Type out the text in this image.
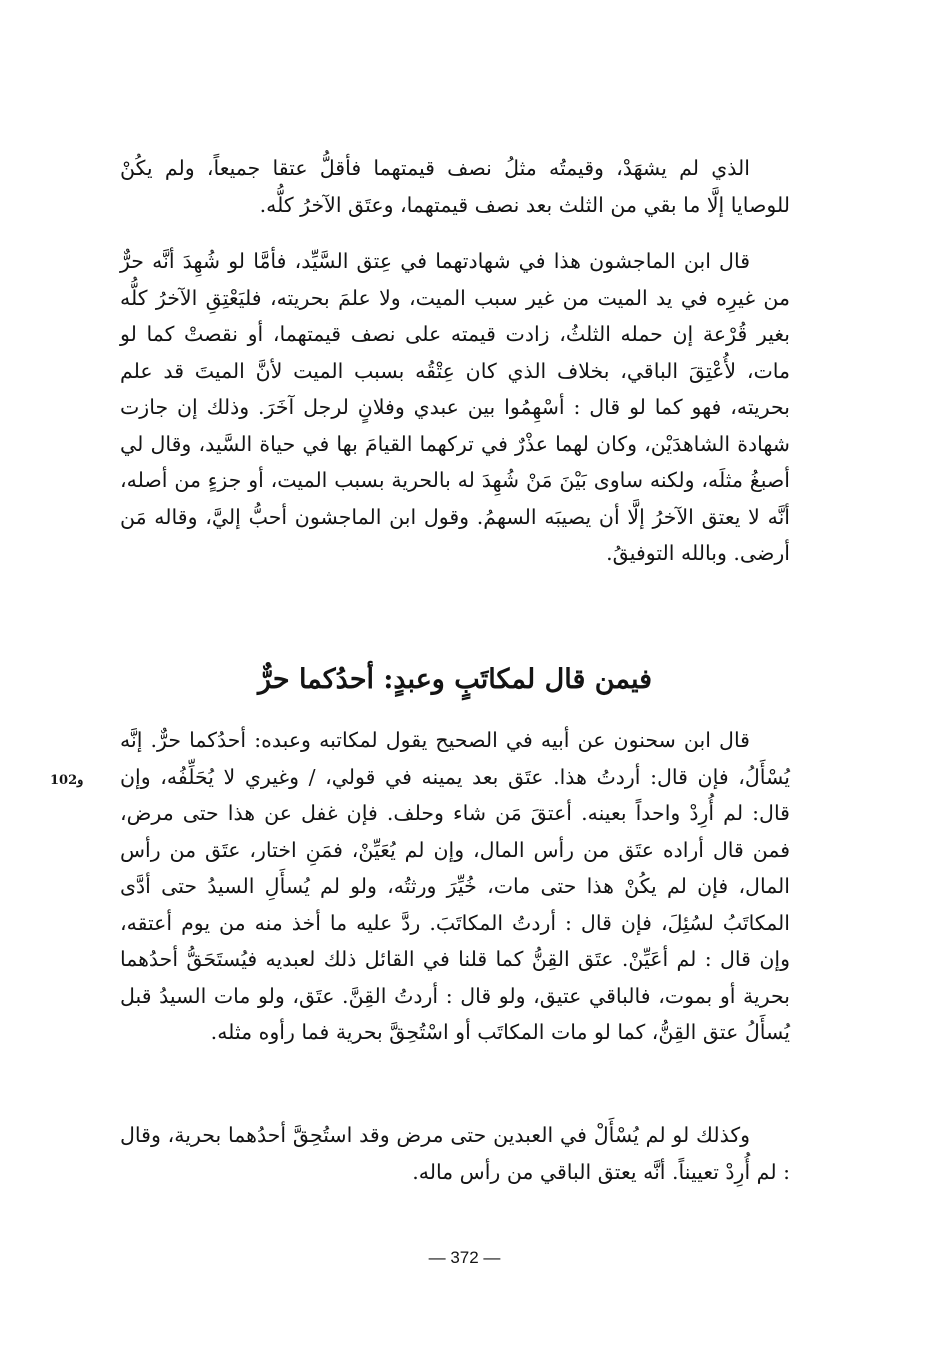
الذي لم يشهَدْ، وقيمتُه مثلُ نصف قيمتهما فأقلُّ عتقا جميعاً، ولم يكُنْ للوصايا إلَّا ما بقي من الثلث بعد نصف قيمتهما، وعتَق الآخرُ كلُّه.

قال ابن الماجشون هذا في شهادتهما في عِتق السَّيِّد، فأمَّا لو شُهِدَ أنَّه حرٌّ من غيرِه في يد الميت من غير سبب الميت، ولا علمَ بحريته، فليَعْتِقِ الآخرُ كلُّه بغير قُرْعة إن حمله الثلثُ، زادت قيمته على نصف قيمتهما، أو نقصتْ كما لو مات، لأُعْتِقَ الباقي، بخلاف الذي كان عِتْقُه بسبب الميت لأنَّ الميتَ قد علم بحريته، فهو كما لو قال : أسْهِمُوا بين عبدي وفلانٍ لرجل آخَرَ. وذلك إن جازت شهادة الشاهدَيْن، وكان لهما عذْرٌ في تركهما القيامَ بها في حياة السَّيد، وقال لي أصبغُ مثلَه، ولكنه ساوى بَيْنَ مَنْ شُهِدَ له بالحرية بسبب الميت، أو جزءٍ من أصله، أنَّه لا يعتق الآخرُ إلَّا أن يصيبَه السهمُ. وقول ابن الماجشون أحبُّ إليَّ، وقاله مَن أرضى. وبالله التوفيقُ.

فيمن قال لمكاتَبٍ وعبدٍ: أحدُكما حرٌّ
و102

قال ابن سحنون عن أبيه في الصحيح يقول لمكاتبه وعبده: أحدُكما حرٌّ. إنَّه يُسْأَلُ، فإن قال: أردتُ هذا. عتَق بعد يمينه في قولي، / وغيري لا يُحَلِّفُه، وإن قال: لم أُرِدْ واحداً بعينه. أعتقَ مَن شاء وحلف. فإن غفل عن هذا حتى مرض، فمن قال أراده عتَق من رأس المال، وإن لم يُعَيِّنْ، فمَنِ اختار، عتَق من رأس المال، فإن لم يكُنْ هذا حتى مات، خُيِّرَ ورثتُه، ولو لم يُسأَلِ السيدُ حتى أدَّى المكاتَبُ لسُئِلَ، فإن قال : أردتُ المكاتَبَ. ردَّ عليه ما أخذ منه من يوم أعتقه، وإن قال : لم أعَيِّنْ. عتَق القِنُّ كما قلنا في القائل ذلك لعبديه فيُستَحَقُّ أحدُهما بحرية أو بموت، فالباقي عتيق، ولو قال : أردتُ القِنَّ. عتَق، ولو مات السيدُ قبل يُسأَلُ عتق القِنُّ، كما لو مات المكاتَب أو اسْتُحِقَّ بحرية فما رأوه مثله.

وكذلك لو لم يُسْأَلْ في العبدين حتى مرض وقد استُحِقَّ أحدُهما بحرية، وقال : لم أُرِدْ تعييناً. أنَّه يعتق الباقي من رأس ماله.

— 372 —
